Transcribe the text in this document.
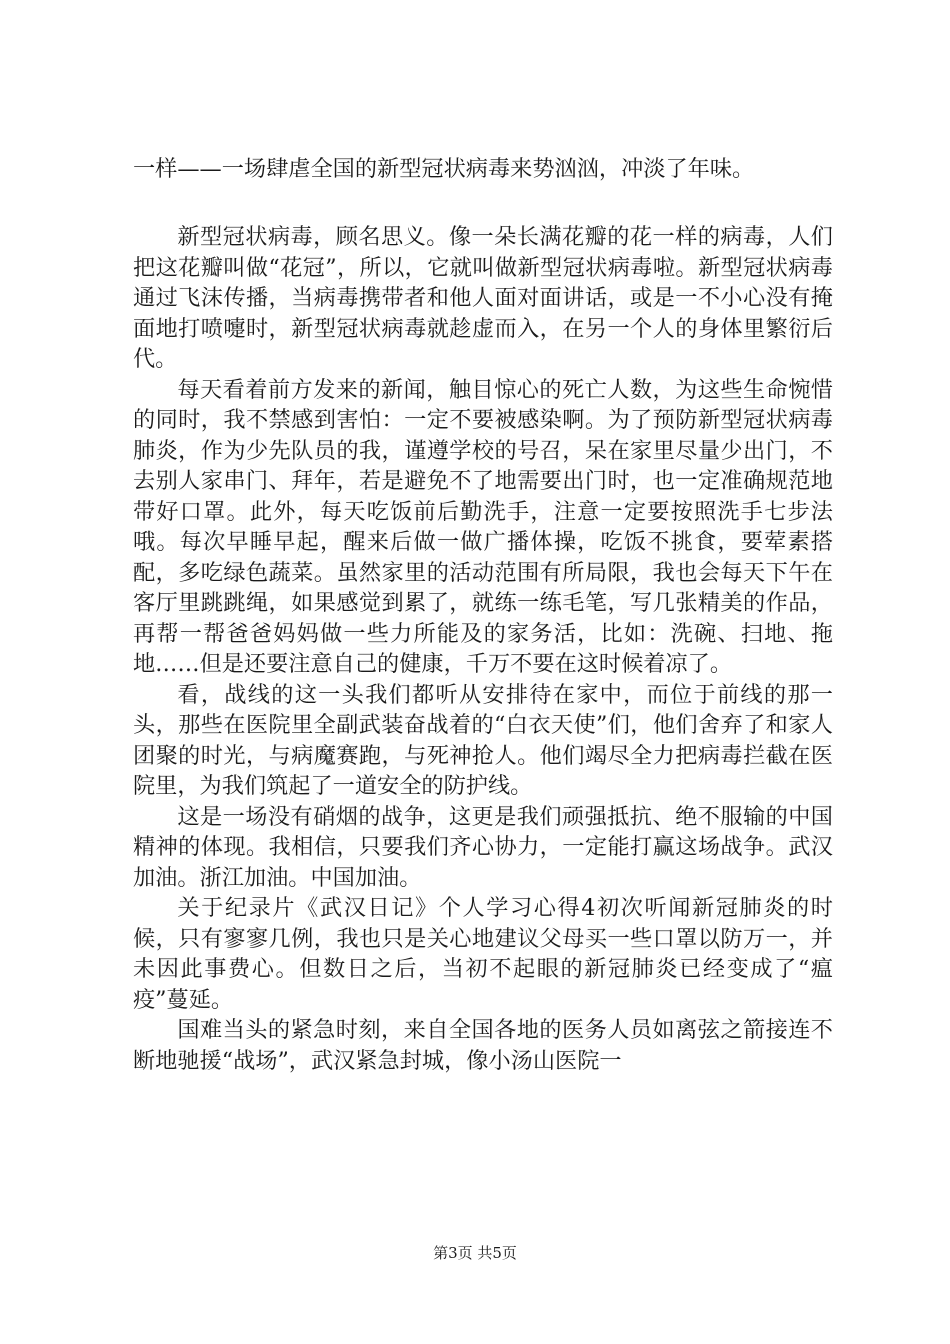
一样——一场肆虐全国的新型冠状病毒来势汹汹，冲淡了年味。

新型冠状病毒，顾名思义。像一朵长满花瓣的花一样的病毒，人们把这花瓣叫做“花冠”，所以，它就叫做新型冠状病毒啦。新型冠状病毒通过飞沫传播，当病毒携带者和他人面对面讲话，或是一不小心没有掩面地打喷嚏时，新型冠状病毒就趁虚而入，在另一个人的身体里繁衍后代。

每天看着前方发来的新闻，触目惊心的死亡人数，为这些生命惋惜的同时，我不禁感到害怕：一定不要被感染啊。为了预防新型冠状病毒肺炎，作为少先队员的我，谨遵学校的号召，呆在家里尽量少出门，不去别人家串门、拜年，若是避免不了地需要出门时，也一定准确规范地带好口罩。此外，每天吃饭前后勤洗手，注意一定要按照洗手七步法哦。每次早睡早起，醒来后做一做广播体操，吃饭不挑食，要荤素搭配，多吃绿色蔬菜。虽然家里的活动范围有所局限，我也会每天下午在客厅里跳跳绳，如果感觉到累了，就练一练毛笔，写几张精美的作品，再帮一帮爸爸妈妈做一些力所能及的家务活，比如：洗碗、扫地、拖地……但是还要注意自己的健康，千万不要在这时候着凉了。

看，战线的这一头我们都听从安排待在家中，而位于前线的那一头，那些在医院里全副武装奋战着的“白衣天使”们，他们舍弃了和家人团聚的时光，与病魔赛跑，与死神抢人。他们竭尽全力把病毒拦截在医院里，为我们筑起了一道安全的防护线。

这是一场没有硝烟的战争，这更是我们顽强抵抗、绝不服输的中国精神的体现。我相信，只要我们齐心协力，一定能打赢这场战争。武汉加油。浙江加油。中国加油。

关于纪录片《武汉日记》个人学习心得4初次听闻新冠肺炎的时候，只有寥寥几例，我也只是关心地建议父母买一些口罩以防万一，并未因此事费心。但数日之后，当初不起眼的新冠肺炎已经变成了“瘟疫”蔓延。

国难当头的紧急时刻，来自全国各地的医务人员如离弦之箭接连不断地驰援“战场”，武汉紧急封城，像小汤山医院一

第3页 共5页
